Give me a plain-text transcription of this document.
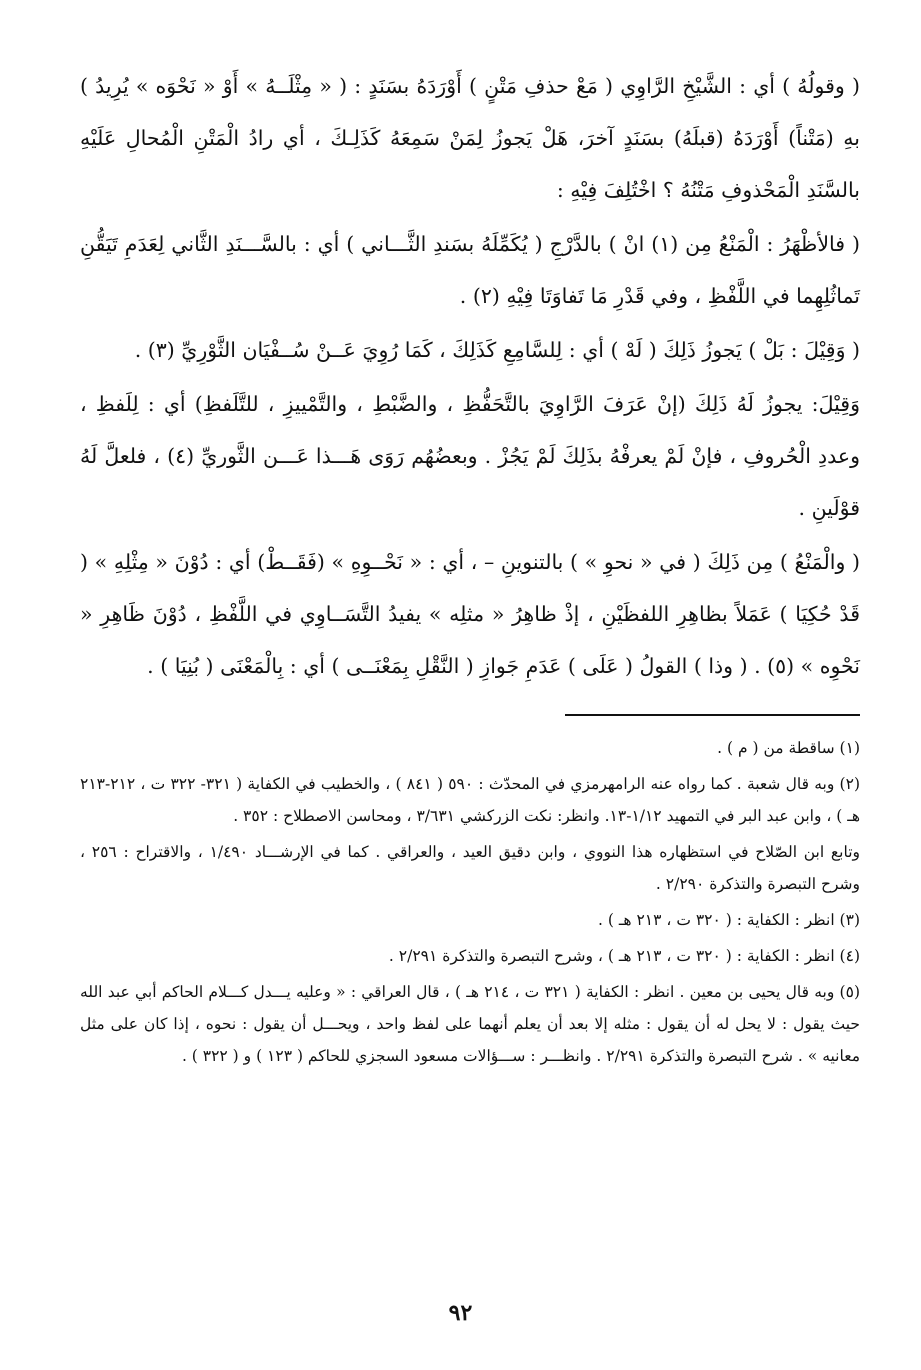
( وقولُهُ ) أي : الشَّيْخِ الرَّاوِي ( مَعْ حذفِ مَتْنٍ ) أَوْرَدَهُ بسَنَدٍ : ( « مِثْلَــهُ » أَوْ « نَحْوَه » يُرِيدُ ) بهِ (مَتْناً) أَوْرَدَهُ (قبلَهُ) بسَنَدٍ آخرَ، هَلْ يَجوزُ لِمَنْ سَمِعَهُ كَذَلِـكَ ، أي رادُ الْمَتْنِ الْمُحالِ عَلَيْهِ بالسَّنَدِ الْمَحْذوفِ مَتْنُهُ ؟ اخْتُلِفَ فِيْهِ :

( فالأظْهَرُ : الْمَنْعُ مِن (١) انْ ) بالدَّرْجِ ( يُكَمِّلَهُ بسَندِ الثَّـــاني ) أي : بالسَّـــنَدِ الثَّاني لِعَدَمِ تَيَقُّنِ تَماثُلِهِما في اللَّفْظِ ، وفي قَدْرِ مَا تَفاوَتَا فِيْهِ (٢) .

( وَقِيْلَ : بَلْ ) يَجوزُ ذَلِكَ ( لَهْ ) أي : لِلسَّامِعِ كَذَلِكَ ، كَمَا رُوِيَ عَــنْ سُــفْيَان الثَّوْرِيِّ (٣) .

وَقِيْلَ: يجوزُ لَهُ ذَلِكَ (إنْ عَرَفَ الرَّاوِيَ بالتَّحَفُّظِ ، والضَّبْطِ ، والتَّمْييزِ ، للتَّلَفظِ) أي : لِلَفظِ ، وعددِ الْحُروفِ ، فإنْ لَمْ يعرفْهُ بذَلِكَ لَمْ يَجُزْ . وبعضُهُم رَوَى هَـــذا عَـــن الثَّوريِّ (٤) ، فلعلَّ لَهُ قوْلَينِ .

( والْمَنْعُ ) مِن ذَلِكَ ( في « نحوِ » ) بالتنوينِ – ، أي : « نَحْــوِهِ » (فَقَــطْ) أي : دُوْنَ « مِثْلِهِ » ( قَدْ حُكِيَا ) عَمَلاً بظاهِرِ اللفظَيْنِ ، إذْ ظاهِرُ « مثلِه » يفيدُ التَّسَــاوِي في اللَّفْظِ ، دُوْنَ ظَاهِرِ « نَحْوِه » (٥) . ( وذا ) القولُ ( عَلَى ) عَدَمِ جَوازِ ( النَّقْلِ بِمَعْنَــى ) أي : بِالْمَعْنَى ( بُنِيَا ) .

(١) ساقطة من ( م ) .

(٢) وبه قال شعبة . كما رواه عنه الرامهرمزي في المحدّث : ٥٩٠ ( ٨٤١ ) ، والخطيب في الكفاية ( ٣٢١- ٣٢٢ ت ، ٢١٢-٢١٣ هـ ) ، وابن عبد البر في التمهيد ١/١٢-١٣. وانظر: نكت الزركشي ٣/٦٣١ ، ومحاسن الاصطلاح : ٣٥٢ .

وتابع ابن الصّلاح في استظهاره هذا النووي ، وابن دقيق العيد ، والعراقي . كما في الإرشـــاد ١/٤٩٠ ، والاقتراح : ٢٥٦ ، وشرح التبصرة والتذكرة ٢/٢٩٠ .

(٣) انظر : الكفاية : ( ٣٢٠ ت ، ٢١٣ هـ ) .

(٤) انظر : الكفاية : ( ٣٢٠ ت ، ٢١٣ هـ ) ، وشرح التبصرة والتذكرة ٢/٢٩١ .

(٥) وبه قال يحيى بن معين . انظر : الكفاية ( ٣٢١ ت ، ٢١٤ هـ ) ، قال العراقي : « وعليه يـــدل كـــلام الحاكم أبي عبد الله حيث يقول : لا يحل له أن يقول : مثله إلا بعد أن يعلم أنهما على لفظ واحد ، ويحـــل أن يقول : نحوه ، إذا كان على مثل معانيه » . شرح التبصرة والتذكرة ٢/٢٩١ . وانظـــر : ســـؤالات مسعود السجزي للحاكم ( ١٢٣ ) و ( ٣٢٢ ) .

٩٢
